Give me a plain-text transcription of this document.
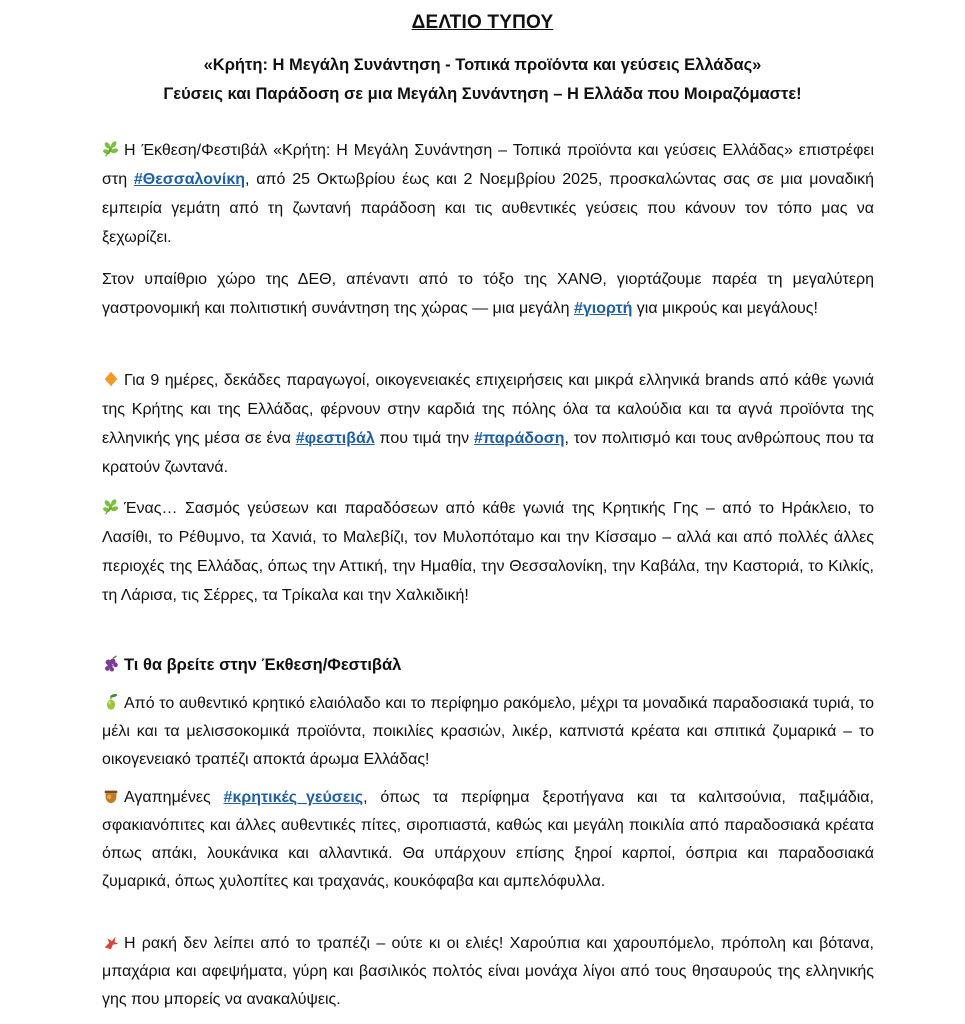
ΔΕΛΤΙΟ ΤΥΠΟΥ
«Κρήτη: Η Μεγάλη Συνάντηση - Τοπικά προϊόντα και γεύσεις Ελλάδας»
Γεύσεις και Παράδοση σε μια Μεγάλη Συνάντηση – Η Ελλάδα που Μοιραζόμαστε!
Η Έκθεση/Φεστιβάλ «Κρήτη: Η Μεγάλη Συνάντηση – Τοπικά προϊόντα και γεύσεις Ελλάδας» επιστρέφει στη #Θεσσαλονίκη, από 25 Οκτωβρίου έως και 2 Νοεμβρίου 2025, προσκαλώντας σας σε μια μοναδική εμπειρία γεμάτη από τη ζωντανή παράδοση και τις αυθεντικές γεύσεις που κάνουν τον τόπο μας να ξεχωρίζει.
Στον υπαίθριο χώρο της ΔΕΘ, απέναντι από το τόξο της ΧΑΝΘ, γιορτάζουμε παρέα τη μεγαλύτερη γαστρονομική και πολιτιστική συνάντηση της χώρας — μια μεγάλη #γιορτή για μικρούς και μεγάλους!
Για 9 ημέρες, δεκάδες παραγωγοί, οικογενειακές επιχειρήσεις και μικρά ελληνικά brands από κάθε γωνιά της Κρήτης και της Ελλάδας, φέρνουν στην καρδιά της πόλης όλα τα καλούδια και τα αγνά προϊόντα της ελληνικής γης μέσα σε ένα #φεστιβάλ που τιμά την #παράδοση, τον πολιτισμό και τους ανθρώπους που τα κρατούν ζωντανά.
Ένας… Σασμός γεύσεων και παραδόσεων από κάθε γωνιά της Κρητικής Γης – από το Ηράκλειο, το Λασίθι, το Ρέθυμνο, τα Χανιά, το Μαλεβίζι, τον Μυλοπόταμο και την Κίσσαμο – αλλά και από πολλές άλλες περιοχές της Ελλάδας, όπως την Αττική, την Ημαθία, την Θεσσαλονίκη, την Καβάλα, την Καστοριά, το Κιλκίς, τη Λάρισα, τις Σέρρες, τα Τρίκαλα και την Χαλκιδική!
Τι θα βρείτε στην Έκθεση/Φεστιβάλ
Από το αυθεντικό κρητικό ελαιόλαδο και το περίφημο ρακόμελο, μέχρι τα μοναδικά παραδοσιακά τυριά, το μέλι και τα μελισσοκομικά προϊόντα, ποικιλίες κρασιών, λικέρ, καπνιστά κρέατα και σπιτικά ζυμαρικά – το οικογενειακό τραπέζι αποκτά άρωμα Ελλάδας!
Αγαπημένες #κρητικές_γεύσεις, όπως τα περίφημα ξεροτήγανα και τα καλιτσούνια, παξιμάδια, σφακιανόπιτες και άλλες αυθεντικές πίτες, σιροπιαστά, καθώς και μεγάλη ποικιλία από παραδοσιακά κρέατα όπως απάκι, λουκάνικα και αλλαντικά. Θα υπάρχουν επίσης ξηροί καρποί, όσπρια και παραδοσιακά ζυμαρικά, όπως χυλοπίτες και τραχανάς, κουκόφαβα και αμπελόφυλλα.
Η ρακή δεν λείπει από το τραπέζι – ούτε κι οι ελιές! Χαρούπια και χαρουπόμελο, πρόπολη και βότανα, μπαχάρια και αφεψήματα, γύρη και βασιλικός πολτός είναι μονάχα λίγοι από τους θησαυρούς της ελληνικής γης που μπορείς να ανακαλύψεις.
